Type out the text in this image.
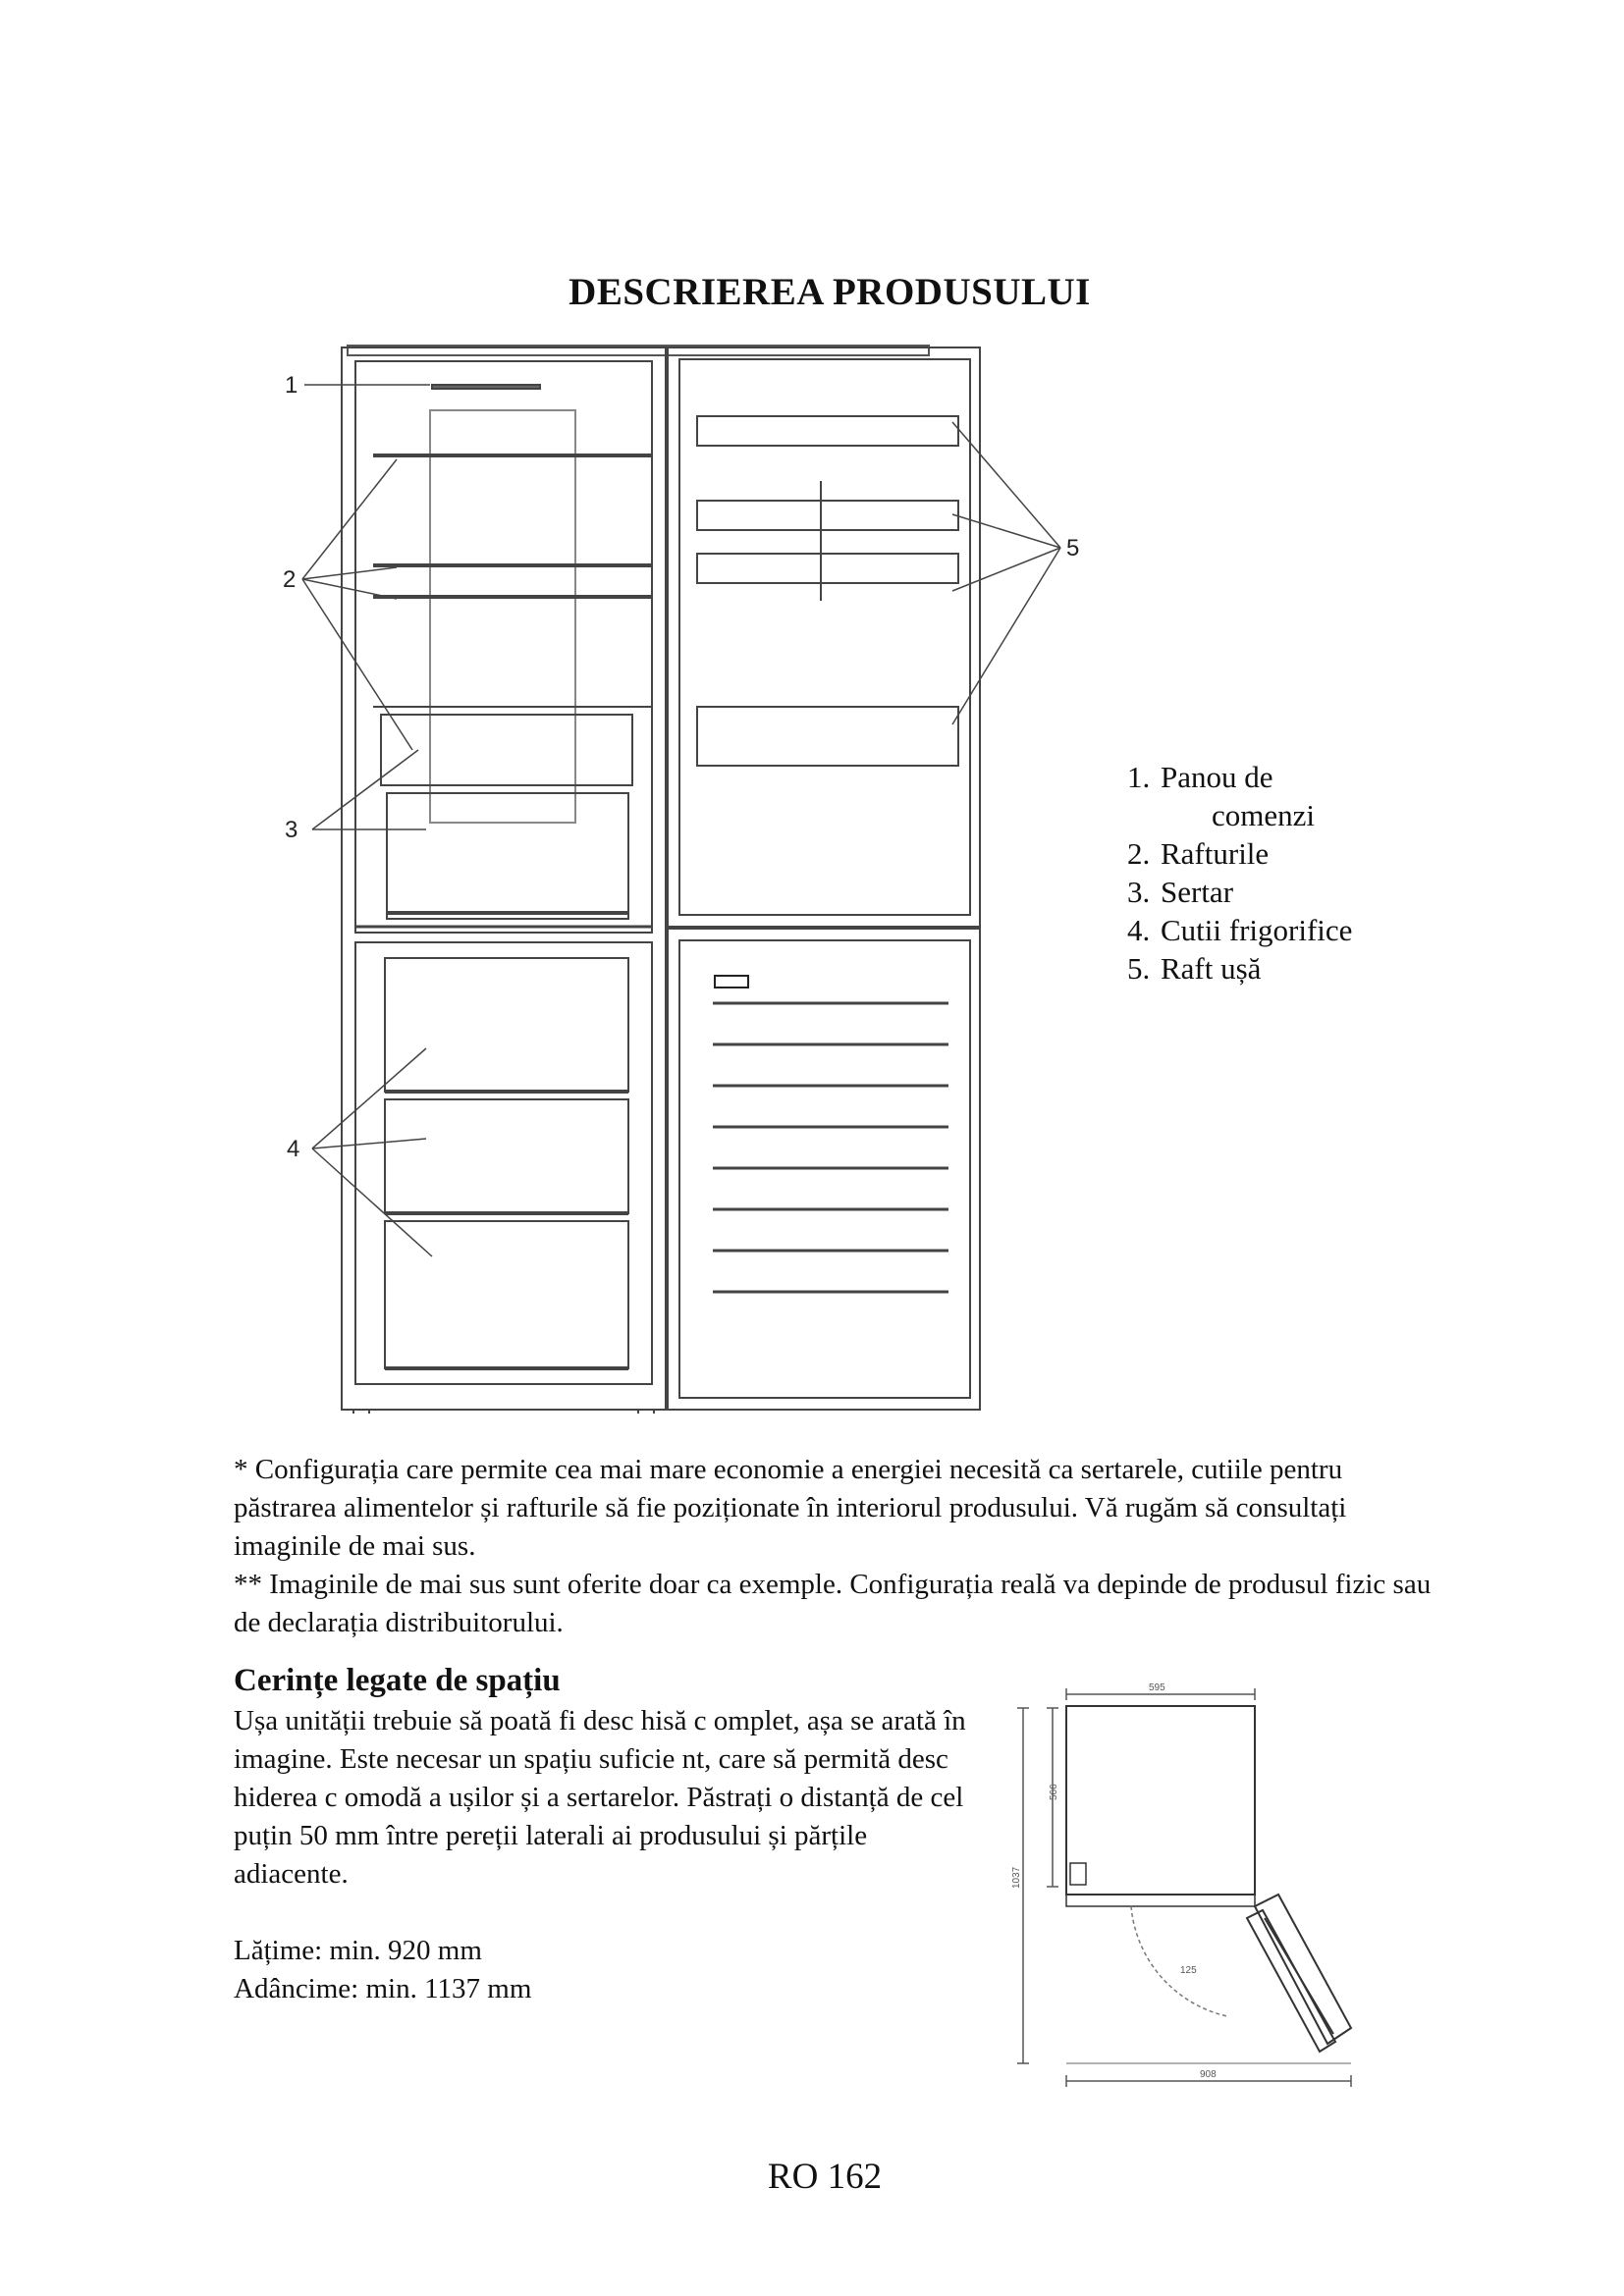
DESCRIEREA PRODUSULUI
1
2
3
4
5
1. Panou de
comenzi
2. Rafturile
3. Sertar
4. Cutii frigorifice
5. Raft ușă

* Configurația care permite cea mai mare economie a energiei necesită ca sertarele, cutiile pentru păstrarea alimentelor și rafturile să fie poziționate în interiorul produsului. Vă rugăm să consultați imaginile de mai sus.

** Imaginile de mai sus sunt oferite doar ca exemple. Configurația reală va depinde de produsul fizic sau de declarația distribuitorului.

Cerințe legate de spațiu

Ușa unității trebuie să poată fi desc hisă c omplet, așa se arată în imagine. Este necesar un spațiu suficie nt, care să permită desc hiderea c omodă a ușilor și a sertarelor. Păstrați o distanță de cel puțin 50 mm între pereții laterali ai produsului și părțile adiacente.

Lățime: min. 920 mm
Adâncime: min. 1137 mm
595
566
1037
125
908
RO 162
